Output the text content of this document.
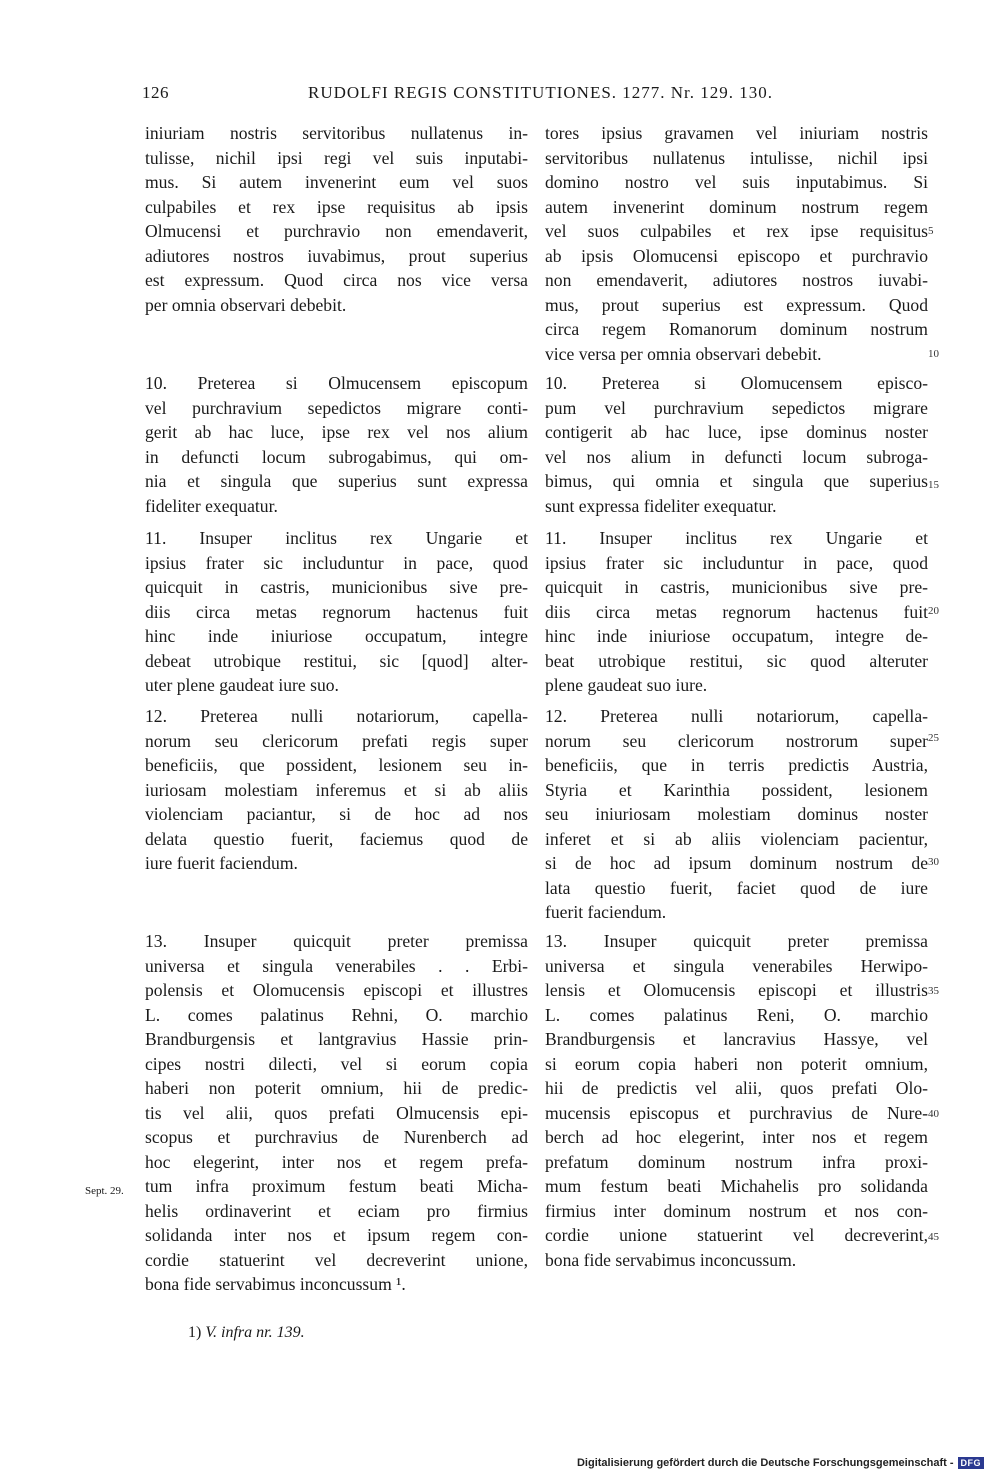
126	RUDOLFI REGIS CONSTITUTIONES. 1277. Nr. 129. 130.
iniuriam nostris servitoribus nullatenus in-
tulisse, nichil ipsi regi vel suis inputabi-
mus. Si autem invenerint eum vel suos
culpabiles et rex ipse requisitus ab ipsis
Olmucensi et purchravio non emendaverit,
adiutores nostros iuvabimus, prout superius
est expressum. Quod circa nos vice versa
per omnia observari debebit.
10. Preterea si Olmucensem episcopum
vel purchravium sepedictos migrare conti-
gerit ab hac luce, ipse rex vel nos alium
in defuncti locum subrogabimus, qui om-
nia et singula que superius sunt expressa
fideliter exequatur.
11. Insuper inclitus rex Ungarie et
ipsius frater sic includuntur in pace, quod
quicquit in castris, municionibus sive pre-
diis circa metas regnorum hactenus fuit
hinc inde iniuriose occupatum, integre
debeat utrobique restitui, sic [quod] alter-
uter plene gaudeat iure suo.
12. Preterea nulli notariorum, capella-
norum seu clericorum prefati regis super
beneficiis, que possident, lesionem seu in-
iuriosam molestiam inferemus et si ab aliis
violenciam paciantur, si de hoc ad nos
delata questio fuerit, faciemus quod de
iure fuerit faciendum.
13. Insuper quicquit preter premissa
universa et singula venerabiles . . Erbi-
polensis et Olomucensis episcopi et illustres
L. comes palatinus Rehni, O. marchio
Brandburgensis et lantgravius Hassie prin-
cipes nostri dilecti, vel si eorum copia
haberi non poterit omnium, hii de predic-
tis vel alii, quos prefati Olmucensis epi-
scopus et purchravius de Nurenberch ad
hoc elegerint, inter nos et regem prefa-
tum infra proximum festum beati Micha-
helis ordinaverint et eciam pro firmius
solidanda inter nos et ipsum regem con-
cordie statuerint vel decreverint unione,
bona fide servabimus inconcussum ¹.
tores ipsius gravamen vel iniuriam nostris
servitoribus nullatenus intulisse, nichil ipsi
domino nostro vel suis inputabimus. Si
autem invenerint dominum nostrum regem
vel suos culpabiles et rex ipse requisitus
ab ipsis Olomucensi episcopo et purchravio
non emendaverit, adiutores nostros iuvabi-
mus, prout superius est expressum. Quod
circa regem Romanorum dominum nostrum
vice versa per omnia observari debebit.
10. Preterea si Olomucensem episco-
pum vel purchravium sepedictos migrare
contigerit ab hac luce, ipse dominus noster
vel nos alium in defuncti locum subroga-
bimus, qui omnia et singula que superius
sunt expressa fideliter exequatur.
11. Insuper inclitus rex Ungarie et
ipsius frater sic includuntur in pace, quod
quicquit in castris, municionibus sive pre-
diis circa metas regnorum hactenus fuit
hinc inde iniuriose occupatum, integre de-
beat utrobique restitui, sic quod alteruter
plene gaudeat suo iure.
12. Preterea nulli notariorum, capella-
norum seu clericorum nostrorum super
beneficiis, que in terris predictis Austria,
Styria et Karinthia possident, lesionem
seu iniuriosam molestiam dominus noster
inferet et si ab aliis violenciam pacientur,
si de hoc ad ipsum dominum nostrum de
lata questio fuerit, faciet quod de iure
fuerit faciendum.
13. Insuper quicquit preter premissa
universa et singula venerabiles Herwipo-
lensis et Olomucensis episcopi et illustris
L. comes palatinus Reni, O. marchio
Brandburgensis et lancravius Hassye, vel
si eorum copia haberi non poterit omnium,
hii de predictis vel alii, quos prefati Olo-
mucensis episcopus et purchravius de Nure-
berch ad hoc elegerint, inter nos et regem
prefatum dominum nostrum infra proxi-
mum festum beati Michahelis pro solidanda
firmius inter dominum nostrum et nos con-
cordie unione statuerint vel decreverint,
bona fide servabimus inconcussum.
5
10
15
20
25
30
35
40
45
Sept. 29.
1) V. infra nr. 139.
Digitalisierung gefördert durch die Deutsche Forschungsgemeinschaft - DFG
